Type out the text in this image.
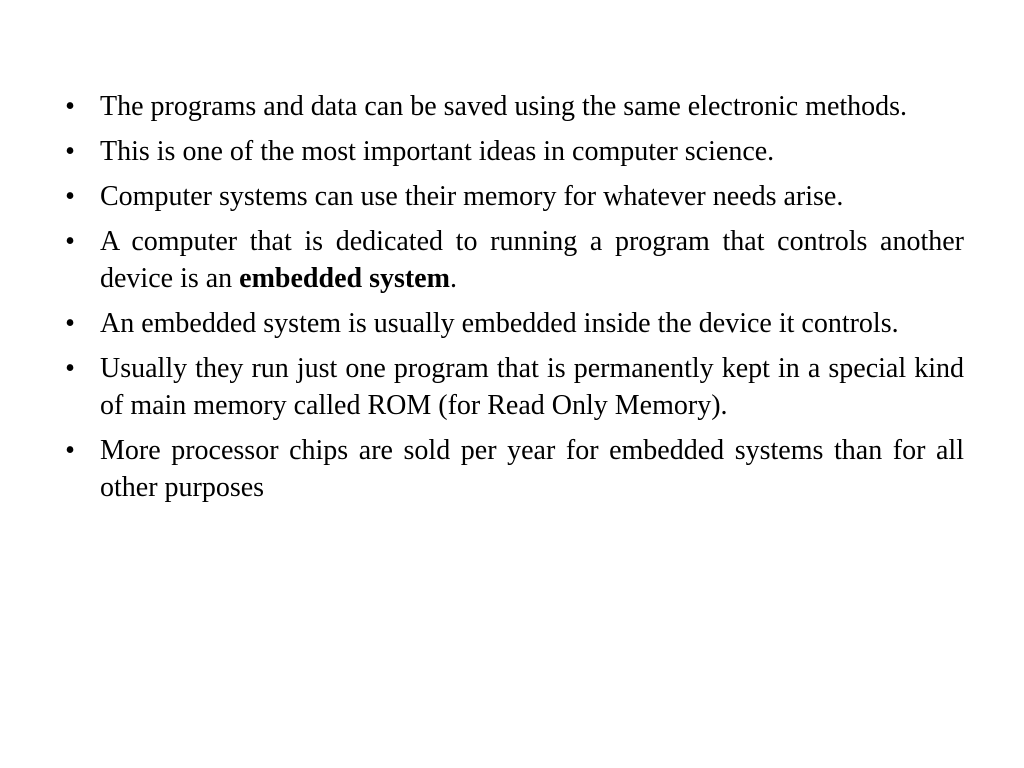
• The programs and data can be saved using the same electronic methods.
• This is one of the most important ideas in computer science.
• Computer systems can use their memory for whatever needs arise.
• A computer that is dedicated to running a program that controls another device is an embedded system.
• An embedded system is usually embedded inside the device it controls.
• Usually they run just one program that is permanently kept in a special kind of main memory called ROM (for Read Only Memory).
• More processor chips are sold per year for embedded systems than for all other purposes
